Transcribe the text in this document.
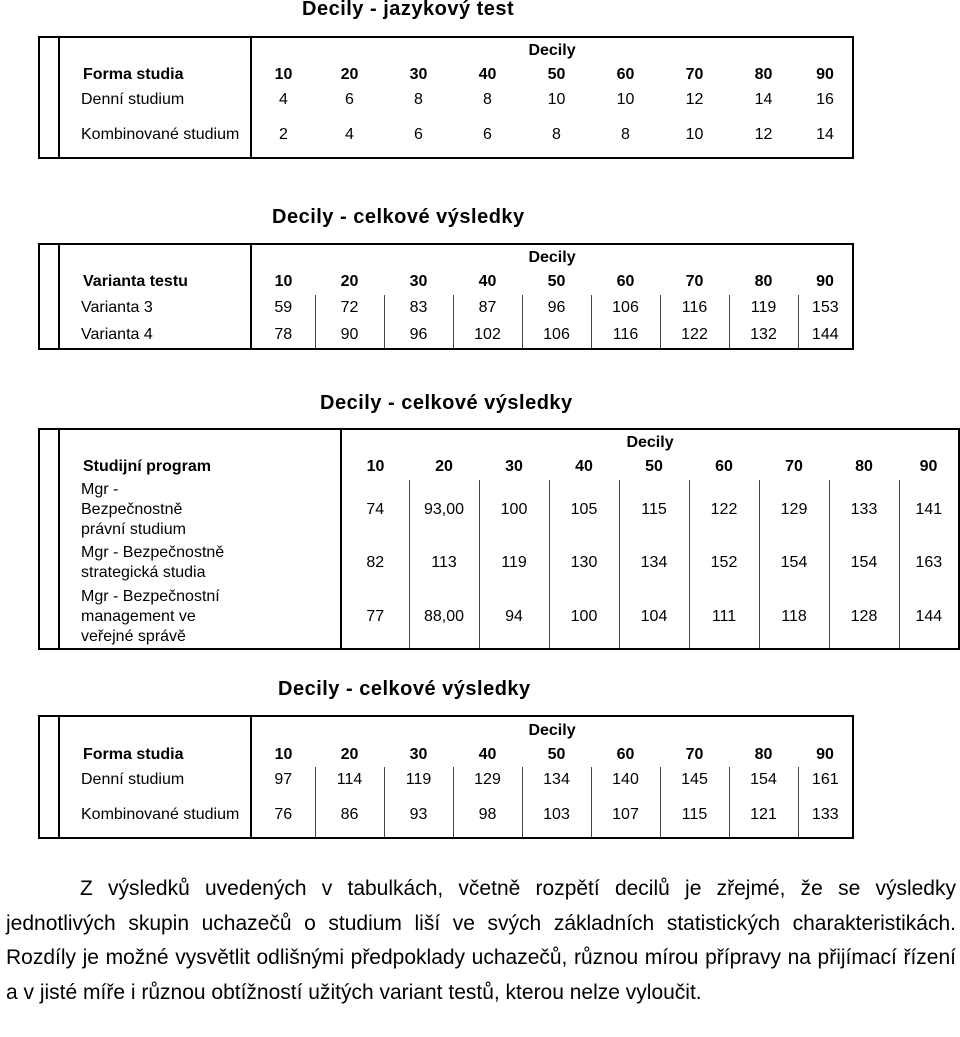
Decily - jazykový test
			Decily								
		Forma studia	10	20	30	40	50	60	70	80	90
		Denní studium	4	6	8	8	10	10	12	14	16
		Kombinované studium	2	4	6	6	8	8	10	12	14
Decily - celkové výsledky
			Decily								
		Varianta testu	10	20	30	40	50	60	70	80	90
		Varianta 3	59	72	83	87	96	106	116	119	153
		Varianta 4	78	90	96	102	106	116	122	132	144
Decily - celkové výsledky
			Decily								
		Studijní program	10	20	30	40	50	60	70	80	90
		Mgr - Bezpečnostně právní studium	74	93,00	100	105	115	122	129	133	141
		Mgr - Bezpečnostně strategická studia	82	113	119	130	134	152	154	154	163
		Mgr - Bezpečnostní management ve veřejné správě	77	88,00	94	100	104	111	118	128	144
Decily - celkové výsledky
			Decily								
		Forma studia	10	20	30	40	50	60	70	80	90
		Denní studium	97	114	119	129	134	140	145	154	161
		Kombinované studium	76	86	93	98	103	107	115	121	133

Z výsledků uvedených v tabulkách, včetně rozpětí decilů je zřejmé, že se výsledky jednotlivých skupin uchazečů o studium liší ve svých základních statistických charakteristikách. Rozdíly je možné vysvětlit odlišnými předpoklady uchazečů, různou mírou přípravy na přijímací řízení a v jisté míře i různou obtížností užitých variant testů, kterou nelze vyloučit.
